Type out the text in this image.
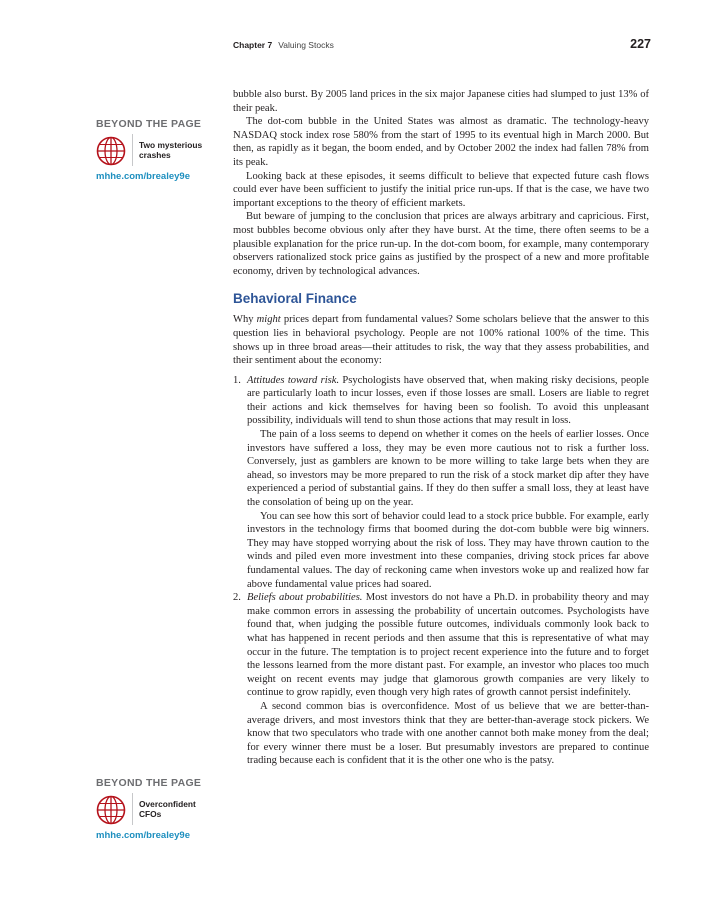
Chapter 7 Valuing Stocks	227
BEYOND THE PAGE
Two mysterious
crashes
mhhe.com/brealey9e
BEYOND THE PAGE
Overconfident
CFOs
mhhe.com/brealey9e

bubble also burst. By 2005 land prices in the six major Japanese cities had slumped to just 13% of their peak.

The dot-com bubble in the United States was almost as dramatic. The technology-heavy NASDAQ stock index rose 580% from the start of 1995 to its eventual high in March 2000. But then, as rapidly as it began, the boom ended, and by October 2002 the index had fallen 78% from its peak.

Looking back at these episodes, it seems difficult to believe that expected future cash flows could ever have been sufficient to justify the initial price run-ups. If that is the case, we have two important exceptions to the theory of efficient markets.

But beware of jumping to the conclusion that prices are always arbitrary and capricious. First, most bubbles become obvious only after they have burst. At the time, there often seems to be a plausible explanation for the price run-up. In the dot-com boom, for example, many contemporary observers rationalized stock price gains as justified by the prospect of a new and more profitable economy, driven by technological advances.

Behavioral Finance

Why might prices depart from fundamental values? Some scholars believe that the answer to this question lies in behavioral psychology. People are not 100% rational 100% of the time. This shows up in three broad areas—their attitudes to risk, the way that they assess probabilities, and their sentiment about the economy:

1. Attitudes toward risk. Psychologists have observed that, when making risky decisions, people are particularly loath to incur losses, even if those losses are small. Losers are liable to regret their actions and kick themselves for having been so foolish. To avoid this unpleasant possibility, individuals will tend to shun those actions that may result in loss.

The pain of a loss seems to depend on whether it comes on the heels of earlier losses. Once investors have suffered a loss, they may be even more cautious not to risk a further loss. Conversely, just as gamblers are known to be more willing to take large bets when they are ahead, so investors may be more prepared to run the risk of a stock market dip after they have experienced a period of substantial gains. If they do then suffer a small loss, they at least have the consolation of being up on the year.

You can see how this sort of behavior could lead to a stock price bubble. For example, early investors in the technology firms that boomed during the dot-com bubble were big winners. They may have stopped worrying about the risk of loss. They may have thrown caution to the winds and piled even more investment into these companies, driving stock prices far above fundamental values. The day of reckoning came when investors woke up and realized how far above fundamental value prices had soared.

2. Beliefs about probabilities. Most investors do not have a Ph.D. in probability theory and may make common errors in assessing the probability of uncertain outcomes. Psychologists have found that, when judging the possible future outcomes, individuals commonly look back to what has happened in recent periods and then assume that this is representative of what may occur in the future. The temptation is to project recent experience into the future and to forget the lessons learned from the more distant past. For example, an investor who places too much weight on recent events may judge that glamorous growth companies are very likely to continue to grow rapidly, even though very high rates of growth cannot persist indefinitely.

A second common bias is overconfidence. Most of us believe that we are better-than-average drivers, and most investors think that they are better-than-average stock pickers. We know that two speculators who trade with one another cannot both make money from the deal; for every winner there must be a loser. But presumably investors are prepared to continue trading because each is confident that it is the other one who is the patsy.
